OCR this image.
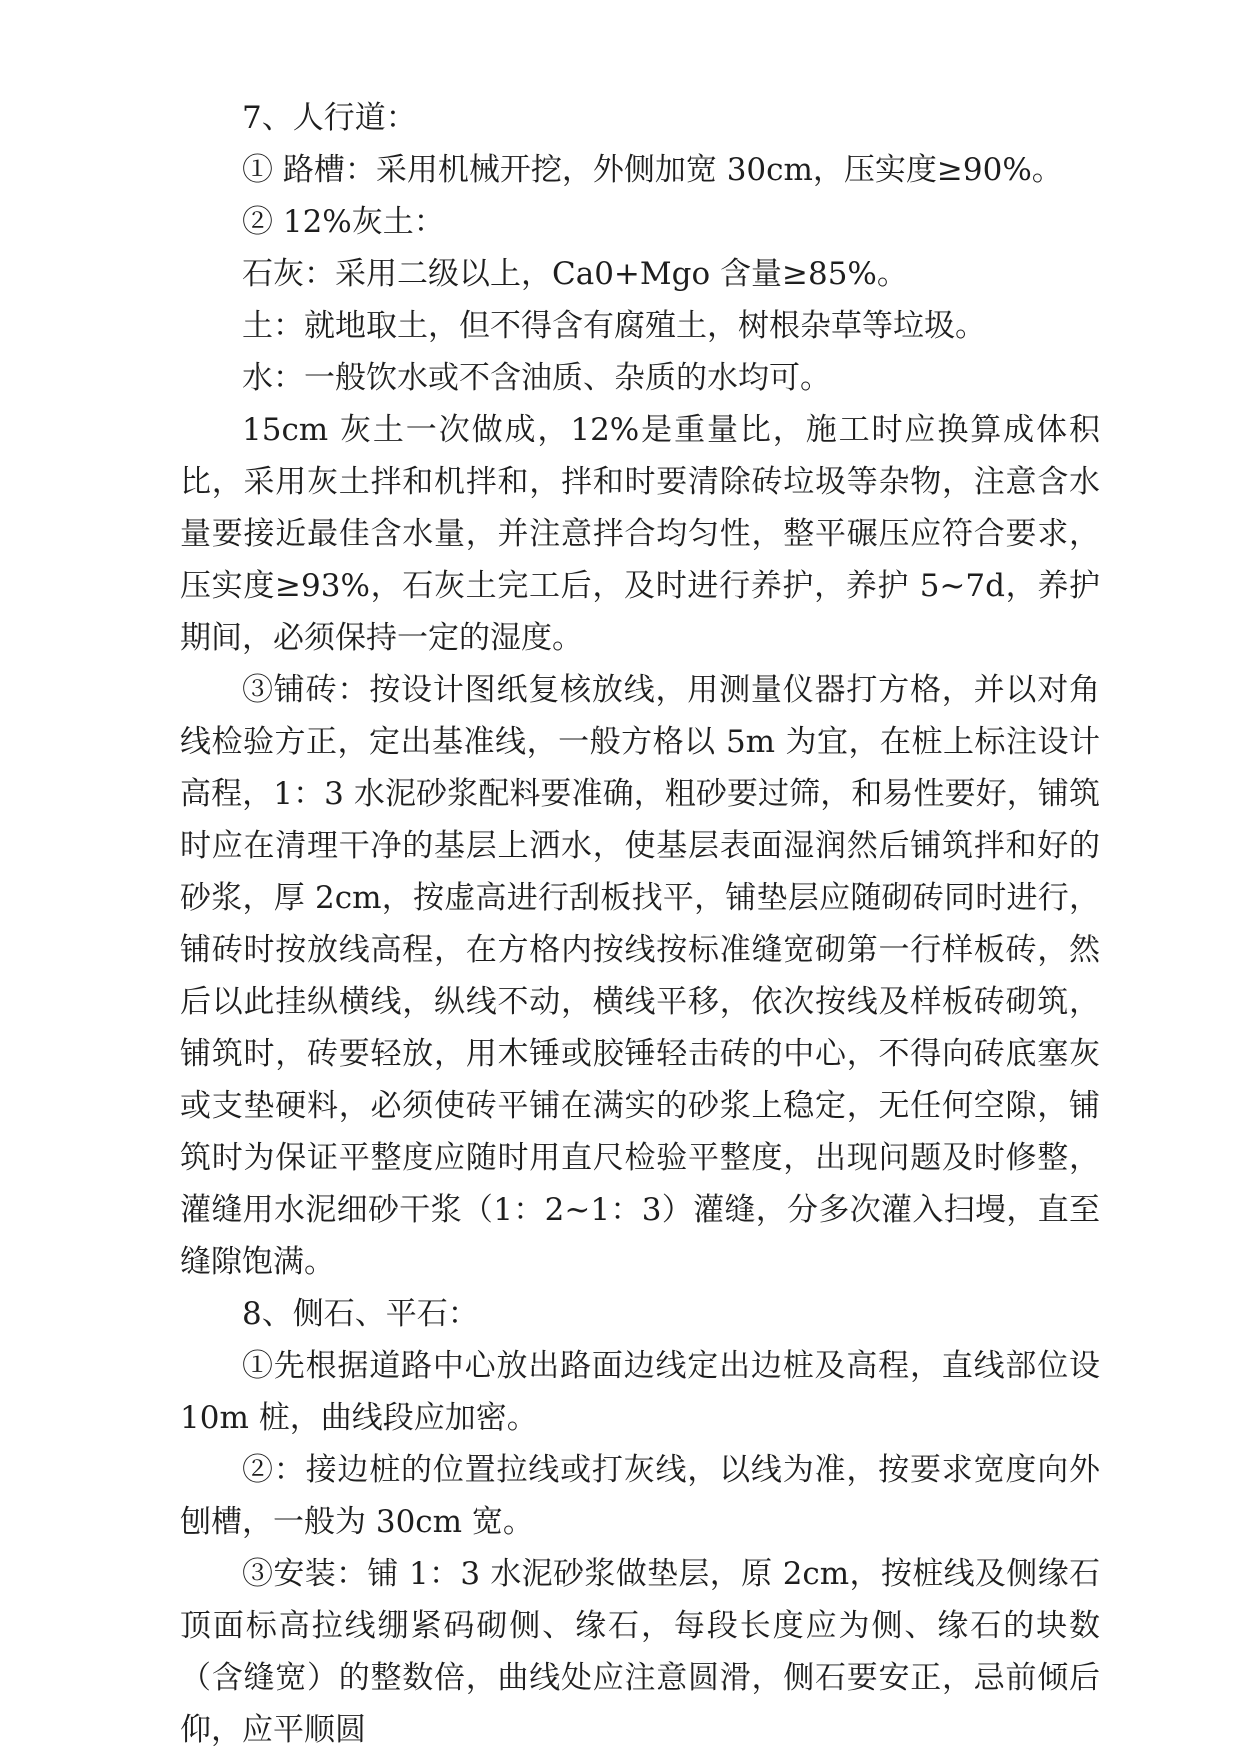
7、人行道：

① 路槽：采用机械开挖，外侧加宽 30cm，压实度≥90%。

② 12%灰土：

石灰：采用二级以上，Ca0+Mgo 含量≥85%。

土：就地取土，但不得含有腐殖土，树根杂草等垃圾。

水：一般饮水或不含油质、杂质的水均可。

15cm 灰土一次做成，12%是重量比，施工时应换算成体积比，采用灰土拌和机拌和，拌和时要清除砖垃圾等杂物，注意含水量要接近最佳含水量，并注意拌合均匀性，整平碾压应符合要求，压实度≥93%，石灰土完工后，及时进行养护，养护 5~7d，养护期间，必须保持一定的湿度。

③铺砖：按设计图纸复核放线，用测量仪器打方格，并以对角线检验方正，定出基准线，一般方格以 5m 为宜，在桩上标注设计高程，1：3 水泥砂浆配料要准确，粗砂要过筛，和易性要好，铺筑时应在清理干净的基层上洒水，使基层表面湿润然后铺筑拌和好的砂浆，厚 2cm，按虚高进行刮板找平，铺垫层应随砌砖同时进行，铺砖时按放线高程，在方格内按线按标准缝宽砌第一行样板砖，然后以此挂纵横线，纵线不动，横线平移，依次按线及样板砖砌筑，铺筑时，砖要轻放，用木锤或胶锤轻击砖的中心，不得向砖底塞灰或支垫硬料，必须使砖平铺在满实的砂浆上稳定，无任何空隙，铺筑时为保证平整度应随时用直尺检验平整度，出现问题及时修整，灌缝用水泥细砂干浆（1：2~1：3）灌缝，分多次灌入扫墁，直至缝隙饱满。

8、侧石、平石：

①先根据道路中心放出路面边线定出边桩及高程，直线部位设 10m 桩，曲线段应加密。

②：接边桩的位置拉线或打灰线，以线为准，按要求宽度向外刨槽，一般为 30cm 宽。

③安装：铺 1：3 水泥砂浆做垫层，原 2cm，按桩线及侧缘石顶面标高拉线绷紧码砌侧、缘石，每段长度应为侧、缘石的块数（含缝宽）的整数倍，曲线处应注意圆滑，侧石要安正，忌前倾后仰，应平顺圆
